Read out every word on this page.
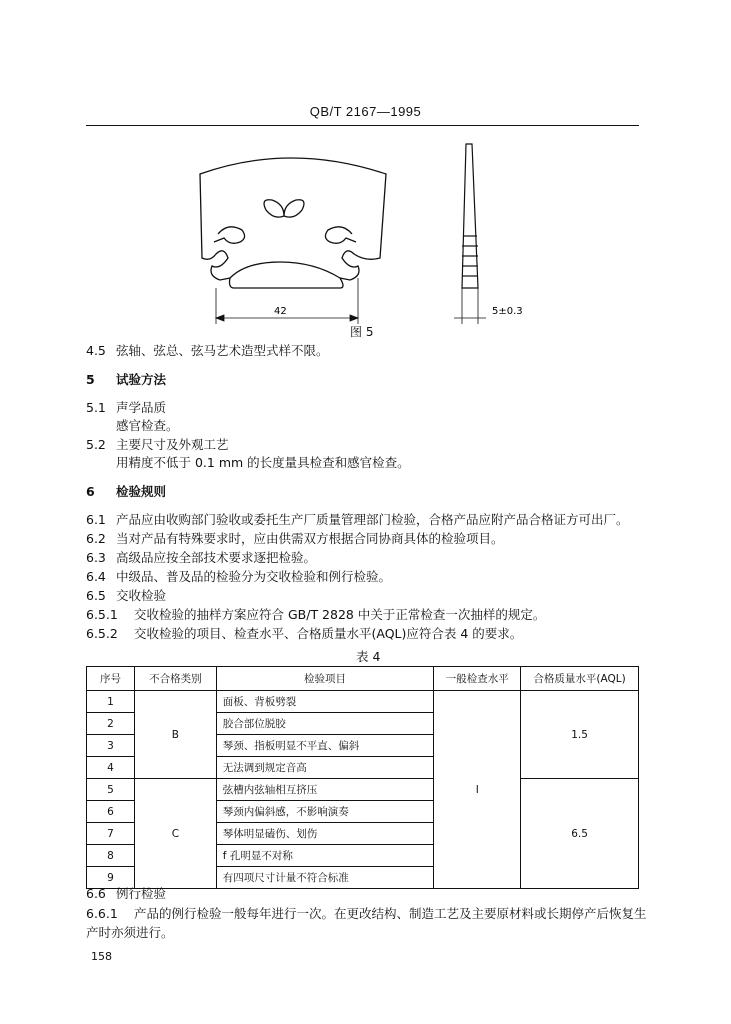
QB/T 2167—1995
42	5±0.3
图 5
4.5 弦轴、弦总、弦马艺术造型式样不限。
5 试验方法
5.1 声学品质
感官检查。
5.2 主要尺寸及外观工艺
用精度不低于 0.1 mm 的长度量具检查和感官检查。
6 检验规则
6.1 产品应由收购部门验收或委托生产厂质量管理部门检验，合格产品应附产品合格证方可出厂。
6.2 当对产品有特殊要求时，应由供需双方根据合同协商具体的检验项目。
6.3 高级品应按全部技术要求逐把检验。
6.4 中级品、普及品的检验分为交收检验和例行检验。
6.5 交收检验
6.5.1 交收检验的抽样方案应符合 GB/T 2828 中关于正常检查一次抽样的规定。
6.5.2 交收检验的项目、检查水平、合格质量水平(AQL)应符合表 4 的要求。
表 4
序号	不合格类别	检验项目	一般检查水平	合格质量水平(AQL)
1	B	面板、背板劈裂	Ⅰ	1.5
2		胶合部位脱胶		
3		琴颈、指板明显不平直、偏斜		
4		无法调到规定音高		
5	C	弦槽内弦轴相互挤压		6.5
6		琴颈内偏斜感，不影响演奏		
7		琴体明显磕伤、划伤		
8		f 孔明显不对称		
9		有四项尺寸计量不符合标准		
6.6 例行检验
6.6.1 产品的例行检验一般每年进行一次。在更改结构、制造工艺及主要原材料或长期停产后恢复生
产时亦须进行。
158
